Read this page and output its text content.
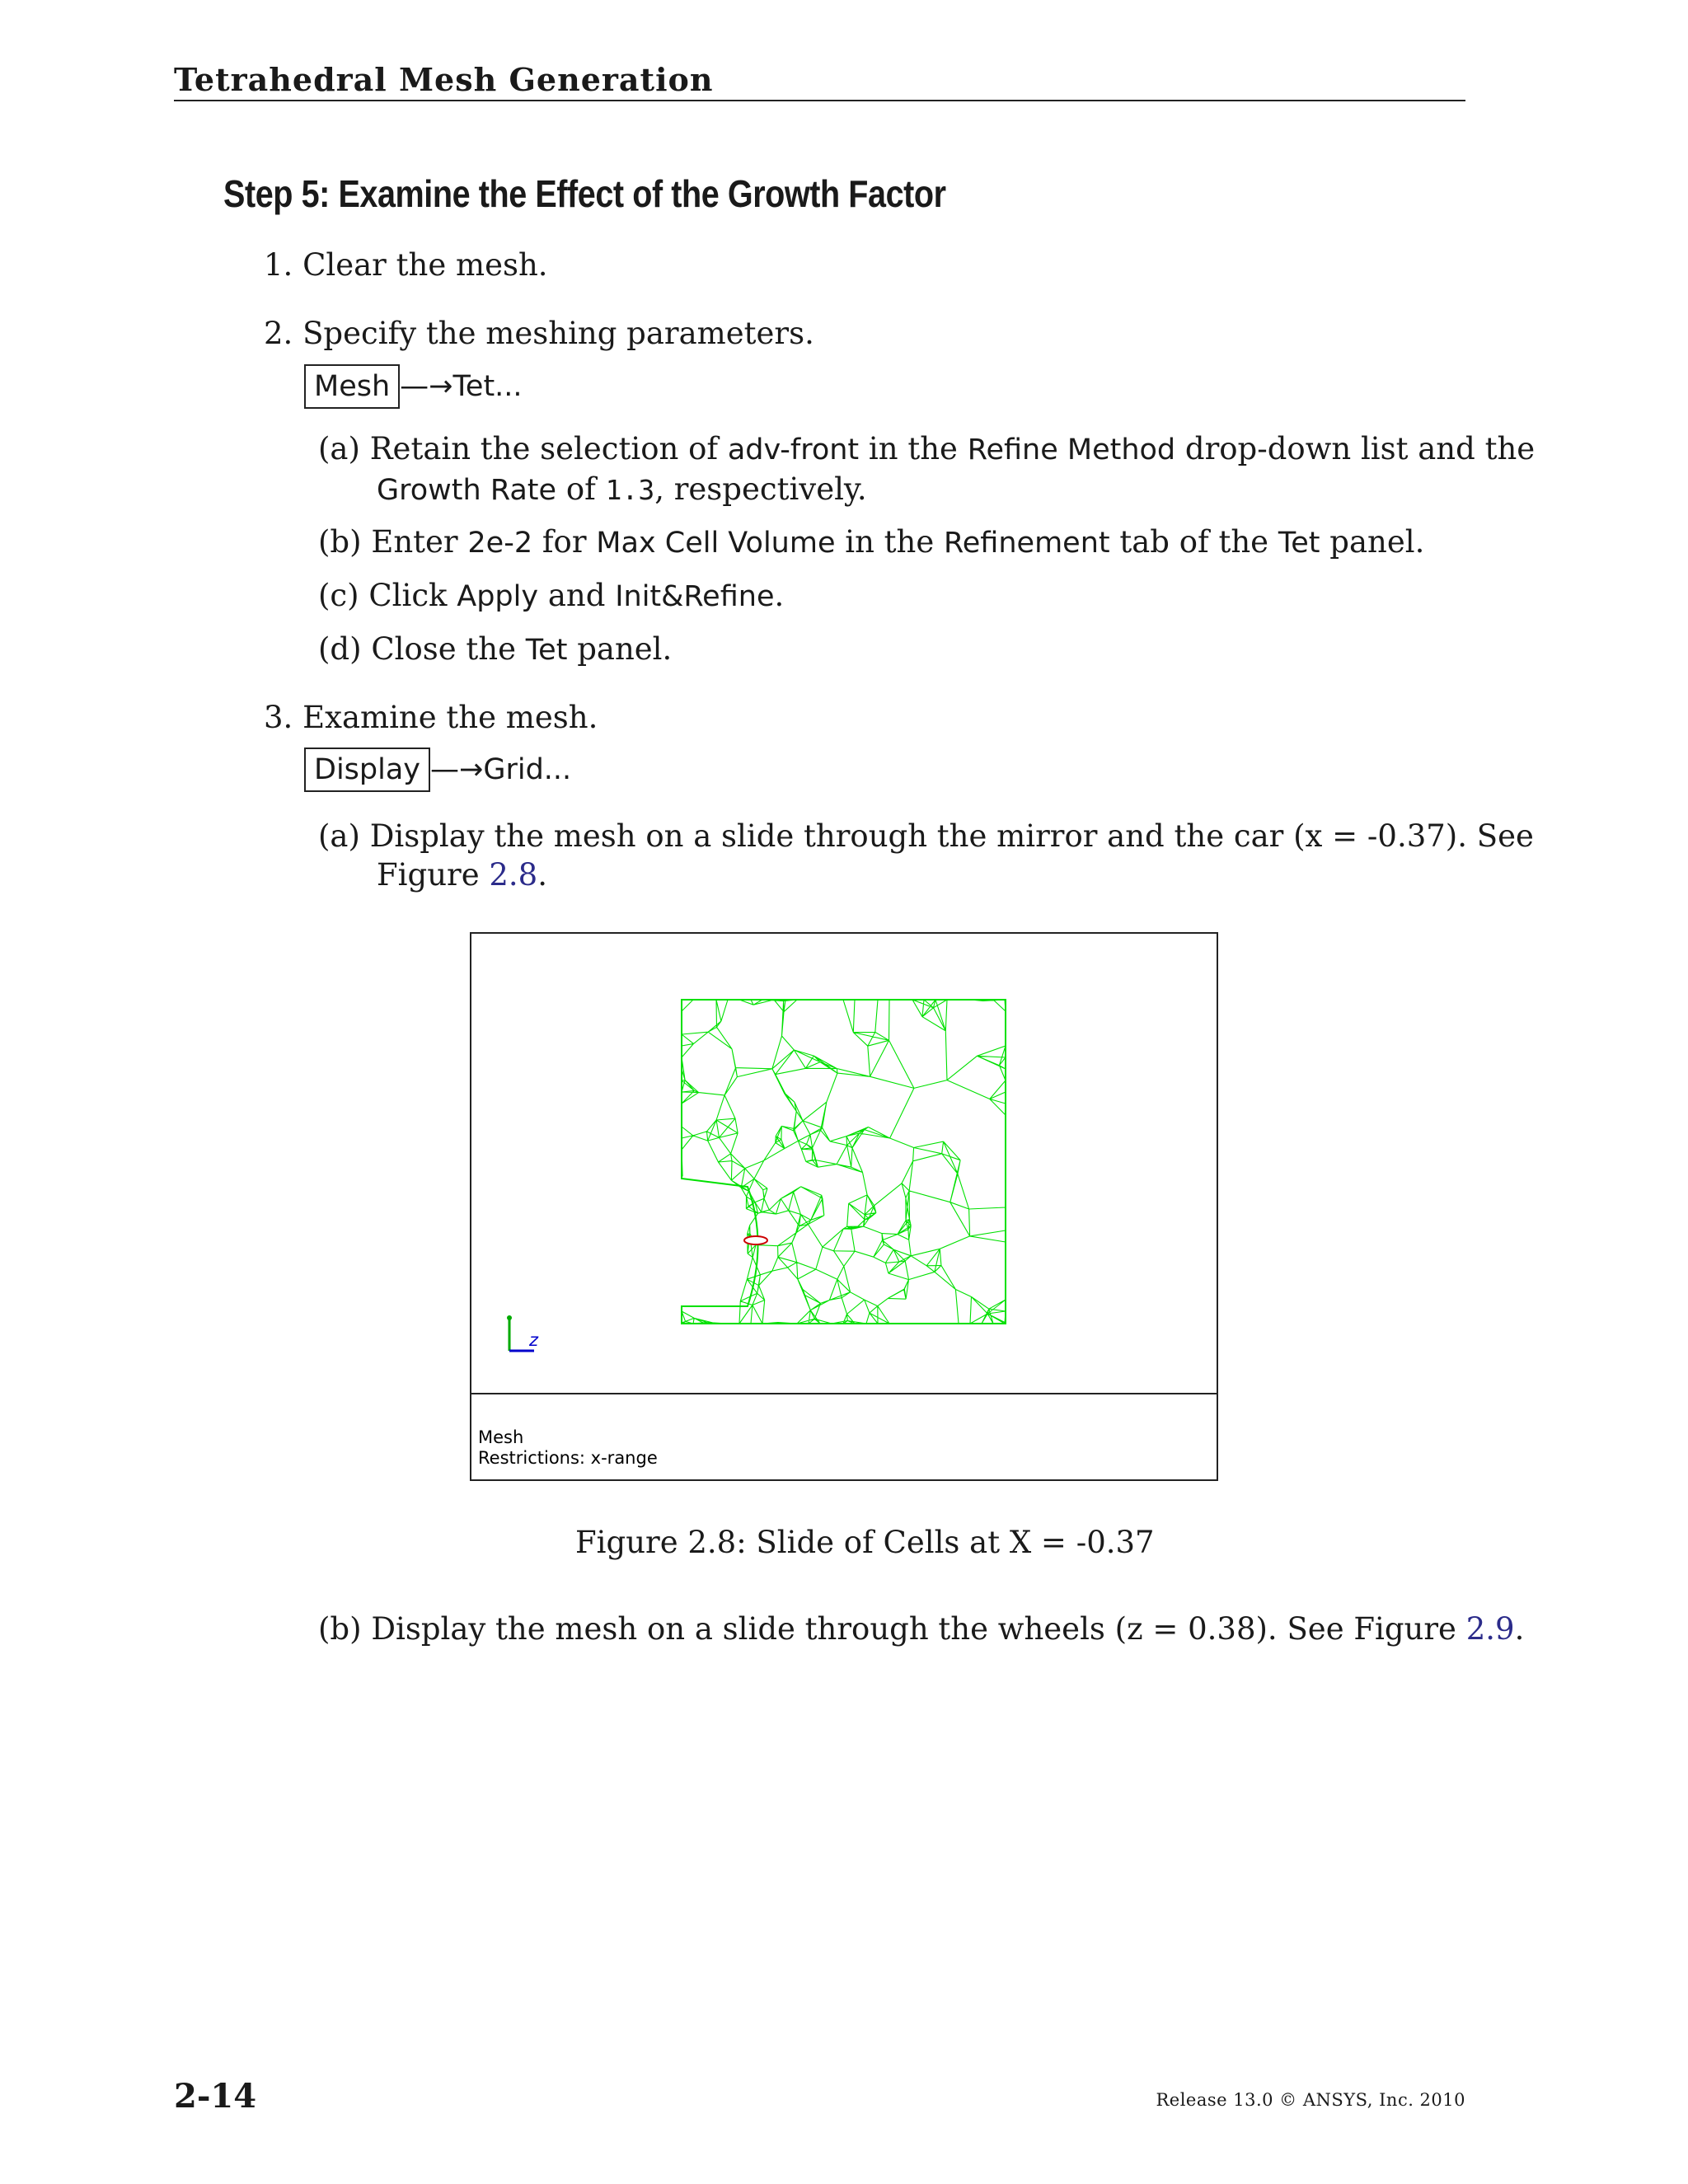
Tetrahedral Mesh Generation
Step 5: Examine the Effect of the Growth Factor
1. Clear the mesh.
2. Specify the meshing parameters.
Mesh —→Tet...
(a) Retain the selection of adv-front in the Refine Method drop-down list and the
Growth Rate of 1.3, respectively.
(b) Enter 2e-2 for Max Cell Volume in the Refinement tab of the Tet panel.
(c) Click Apply and Init&Refine.
(d) Close the Tet panel.
3. Examine the mesh.
Display —→Grid...
(a) Display the mesh on a slide through the mirror and the car (x = -0.37). See
Figure 2.8.
z
Mesh
Restrictions: x-range
Figure 2.8: Slide of Cells at X = -0.37
(b) Display the mesh on a slide through the wheels (z = 0.38). See Figure 2.9.
2-14	Release 13.0 © ANSYS, Inc. 2010
